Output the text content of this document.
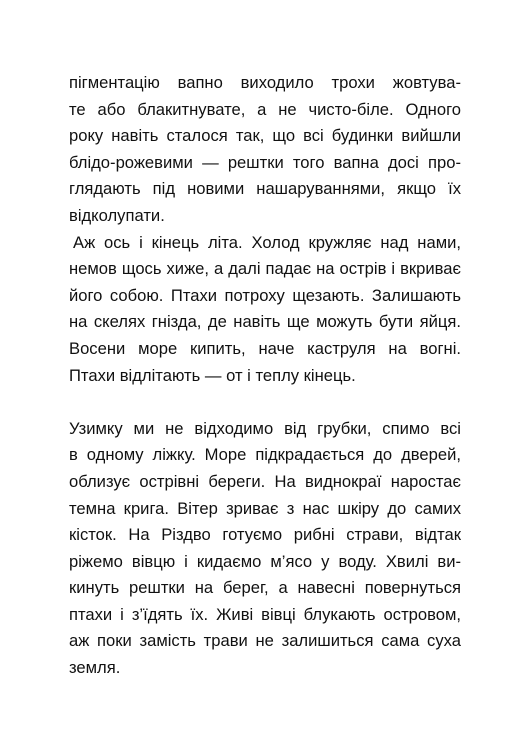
пігментацію вапно виходило трохи жовтува-
те або блакитнувате, а не чисто-біле. Одного
року навіть сталося так, що всі будинки вийшли
блідо-рожевими — рештки того вапна досі про-
глядають під новими нашаруваннями, якщо їх
відколупати.
Аж ось і кінець літа. Холод кружляє над нами,
немов щось хиже, а далі падає на острів і вкриває
його собою. Птахи потроху щезають. Залишають
на скелях гнізда, де навіть ще можуть бути яйця.
Восени море кипить, наче каструля на вогні.
Птахи відлітають — от і теплу кінець.
Узимку ми не відходимо від грубки, спимо всі
в одному ліжку. Море підкрадається до дверей,
облизує острівні береги. На виднокраї наростає
темна крига. Вітер зриває з нас шкіру до самих
кісток. На Різдво готуємо рибні страви, відтак
ріжемо вівцю і кидаємо м’ясо у воду. Хвилі ви-
кинуть рештки на берег, а навесні повернуться
птахи і з’їдять їх. Живі вівці блукають островом,
аж поки замість трави не залишиться сама суха
земля.
